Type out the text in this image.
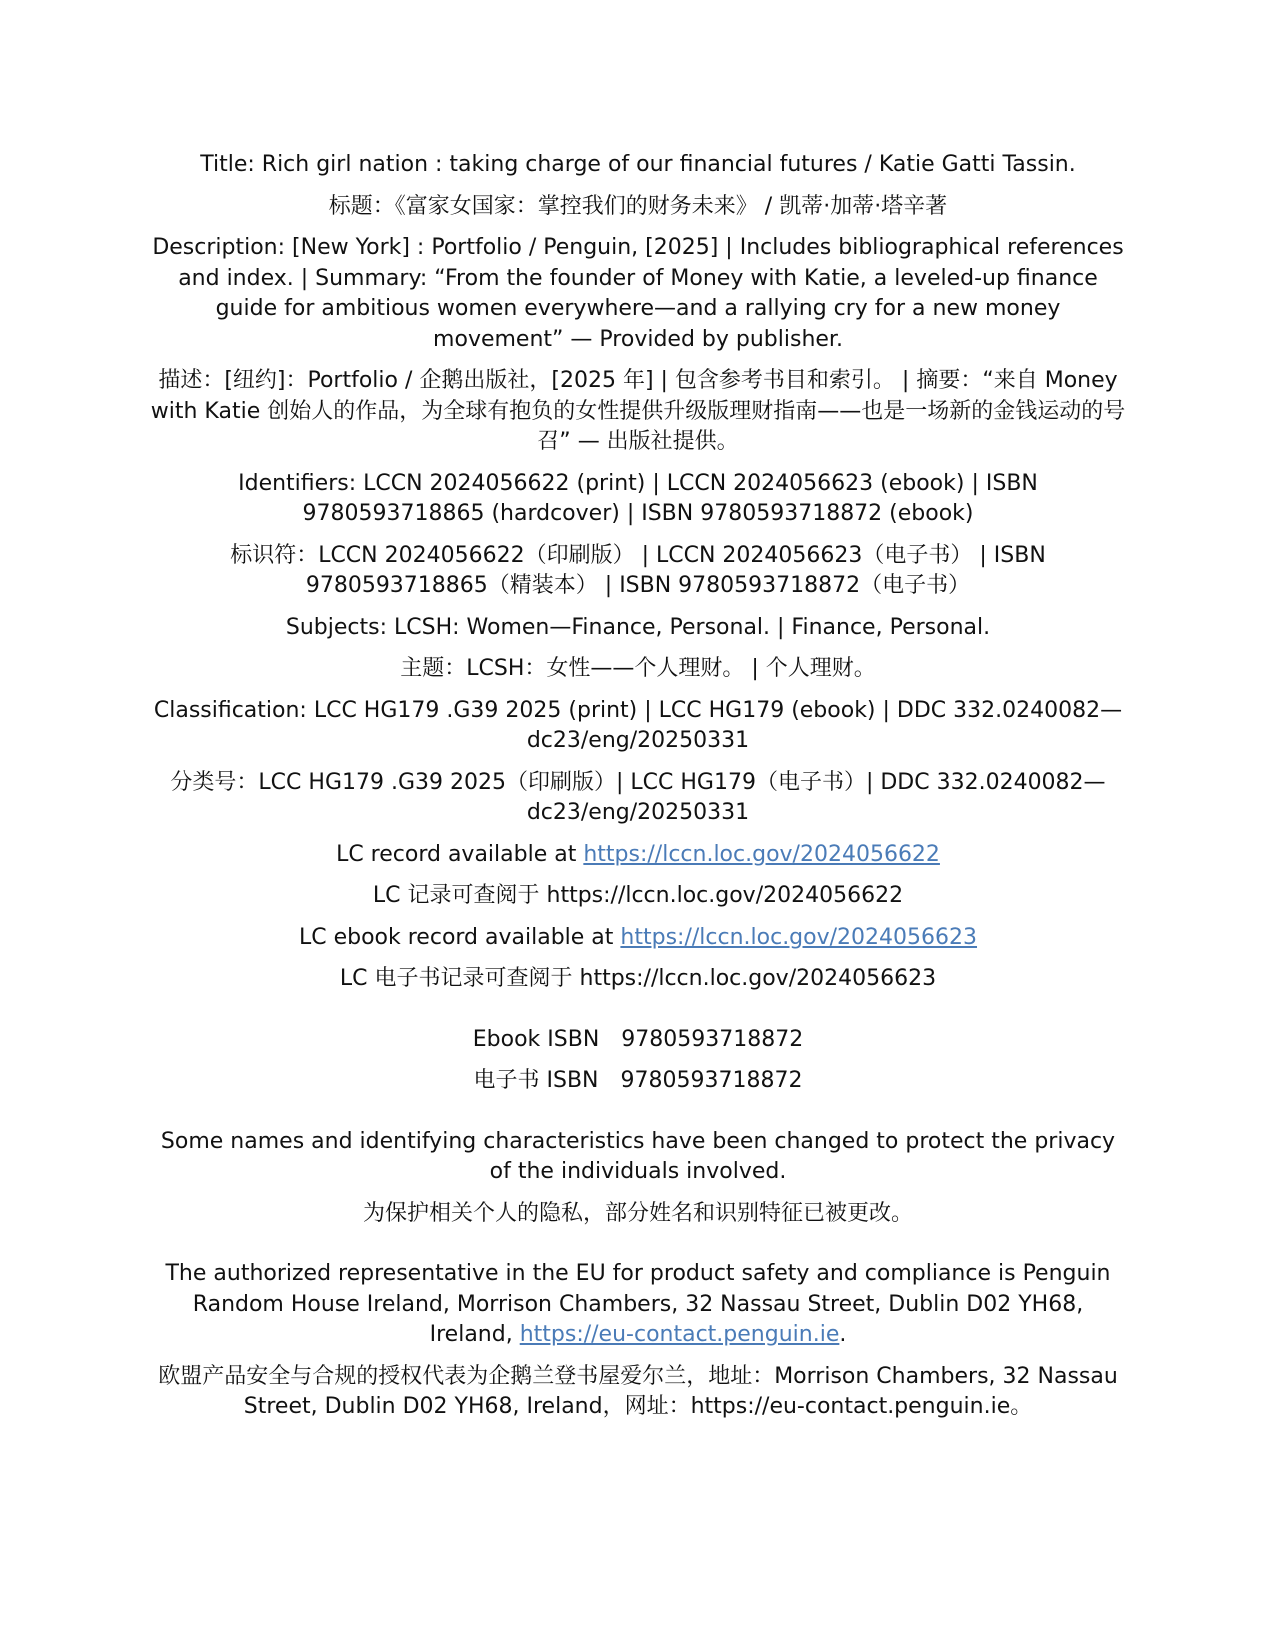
Title: Rich girl nation : taking charge of our financial futures / Katie Gatti Tassin.

标题：《富家女国家：掌控我们的财务未来》 / 凯蒂·加蒂·塔辛著

Description: [New York] : Portfolio / Penguin, [2025] | Includes bibliographical references and index. | Summary: “From the founder of Money with Katie, a leveled-up finance guide for ambitious women everywhere—and a rallying cry for a new money movement” — Provided by publisher.

描述：[纽约]：Portfolio / 企鹅出版社，[2025 年] | 包含参考书目和索引。 | 摘要：“来自 Money with Katie 创始人的作品，为全球有抱负的女性提供升级版理财指南——也是一场新的金钱运动的号召” — 出版社提供。

Identifiers: LCCN 2024056622 (print) | LCCN 2024056623 (ebook) | ISBN 9780593718865 (hardcover) | ISBN 9780593718872 (ebook)

标识符：LCCN 2024056622（印刷版） | LCCN 2024056623（电子书） | ISBN 9780593718865（精装本） | ISBN 9780593718872（电子书）

Subjects: LCSH: Women—Finance, Personal. | Finance, Personal.

主题：LCSH：女性——个人理财。 | 个人理财。

Classification: LCC HG179 .G39 2025 (print) | LCC HG179 (ebook) | DDC 332.0240082—dc23/eng/20250331

分类号：LCC HG179 .G39 2025（印刷版）| LCC HG179（电子书）| DDC 332.0240082—dc23/eng/20250331

LC record available at https://lccn.loc.gov/2024056622

LC 记录可查阅于 https://lccn.loc.gov/2024056622

LC ebook record available at https://lccn.loc.gov/2024056623

LC 电子书记录可查阅于 https://lccn.loc.gov/2024056623

Ebook ISBN 9780593718872

电子书 ISBN 9780593718872

Some names and identifying characteristics have been changed to protect the privacy of the individuals involved.

为保护相关个人的隐私，部分姓名和识别特征已被更改。

The authorized representative in the EU for product safety and compliance is Penguin Random House Ireland, Morrison Chambers, 32 Nassau Street, Dublin D02 YH68, Ireland, https://eu-contact.penguin.ie.

欧盟产品安全与合规的授权代表为企鹅兰登书屋爱尔兰，地址：Morrison Chambers, 32 Nassau Street, Dublin D02 YH68, Ireland，网址：https://eu-contact.penguin.ie。
